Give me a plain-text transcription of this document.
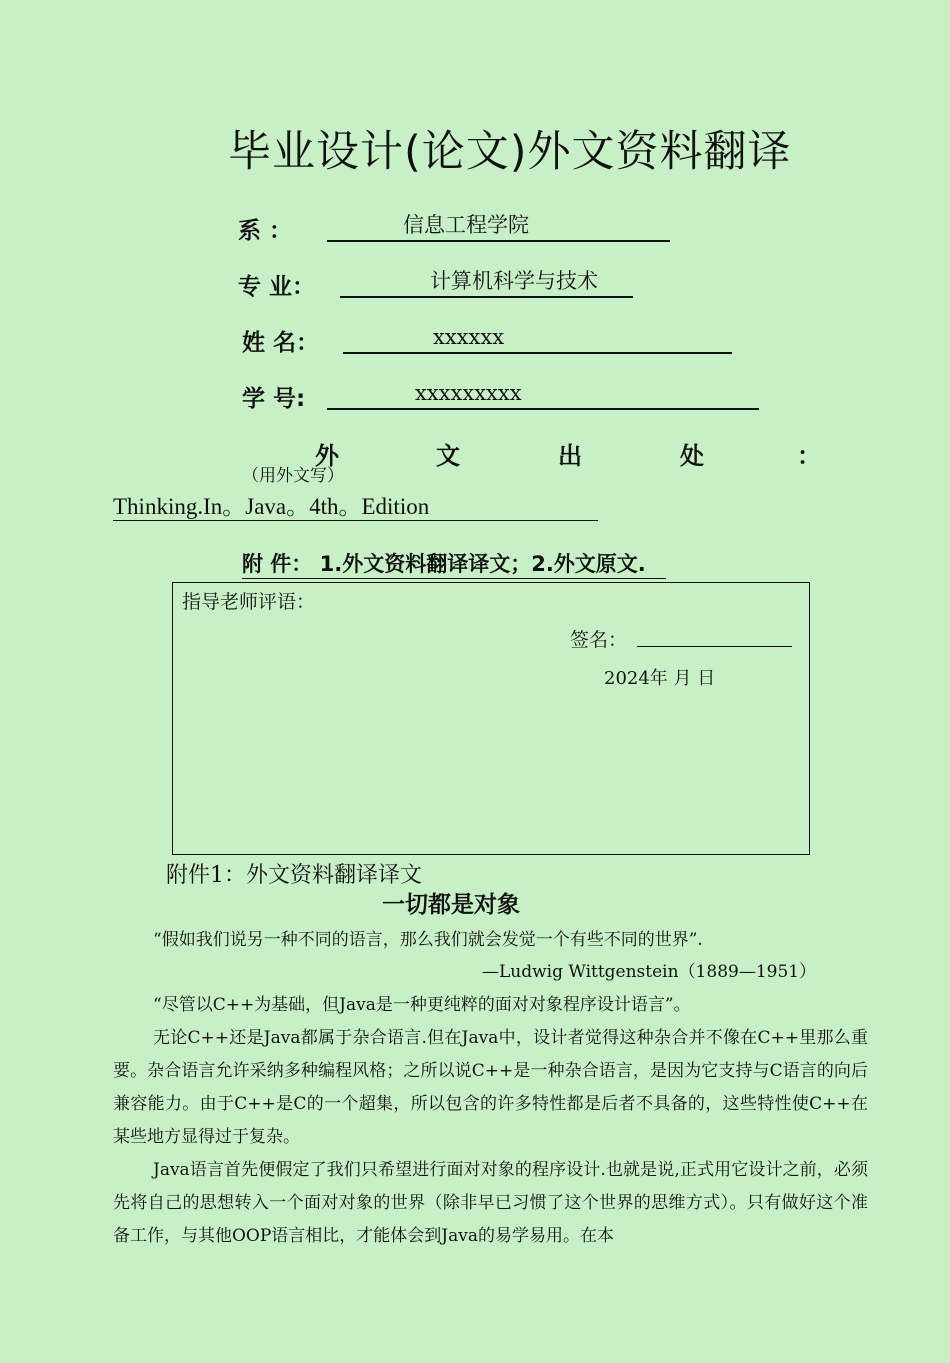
毕业设计(论文)外文资料翻译
系 ：	信息工程学院
专 业：	计算机科学与技术
姓 名：	xxxxxx
学 号:	xxxxxxxxx
外	文	出	处	：
（用外文写）
Thinking.In。Java。4th。Edition
附 件： 1.外文资料翻译译文；2.外文原文.
指导老师评语：
签名：
2024年 月 日
附件1：外文资料翻译译文
一切都是对象
“假如我们说另一种不同的语言，那么我们就会发觉一个有些不同的世界”.
—Ludwig Wittgenstein（1889—1951）
“尽管以C++为基础，但Java是一种更纯粹的面对对象程序设计语言”。
无论C++还是Java都属于杂合语言.但在Java中，设计者觉得这种杂合并不像在C++里那么重要。杂合语言允许采纳多种编程风格；之所以说C++是一种杂合语言，是因为它支持与C语言的向后兼容能力。由于C++是C的一个超集，所以包含的许多特性都是后者不具备的，这些特性使C++在某些地方显得过于复杂。
Java语言首先便假定了我们只希望进行面对对象的程序设计.也就是说,正式用它设计之前，必须先将自己的思想转入一个面对对象的世界（除非早已习惯了这个世界的思维方式）。只有做好这个准备工作，与其他OOP语言相比，才能体会到Java的易学易用。在本
